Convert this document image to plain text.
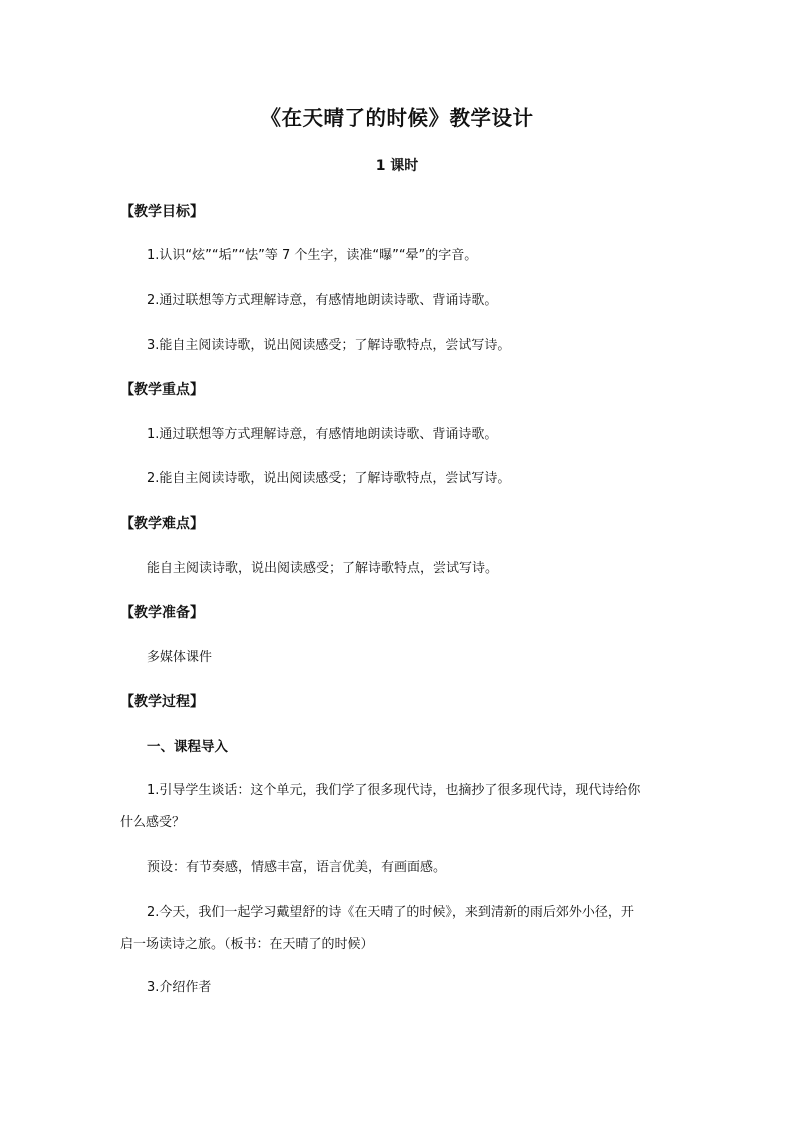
《在天晴了的时候》教学设计
1 课时
【教学目标】
1.认识“炫”“垢”“怯”等 7 个生字，读准“曝”“晕”的字音。
2.通过联想等方式理解诗意，有感情地朗读诗歌、背诵诗歌。
3.能自主阅读诗歌，说出阅读感受；了解诗歌特点，尝试写诗。
【教学重点】
1.通过联想等方式理解诗意，有感情地朗读诗歌、背诵诗歌。
2.能自主阅读诗歌，说出阅读感受；了解诗歌特点，尝试写诗。
【教学难点】
能自主阅读诗歌，说出阅读感受；了解诗歌特点，尝试写诗。
【教学准备】
多媒体课件
【教学过程】
一、课程导入
1.引导学生谈话：这个单元，我们学了很多现代诗，也摘抄了很多现代诗，现代诗给你
什么感受？
预设：有节奏感，情感丰富，语言优美，有画面感。
2.今天，我们一起学习戴望舒的诗《在天晴了的时候》，来到清新的雨后郊外小径，开
启一场读诗之旅。（板书：在天晴了的时候）
3.介绍作者
